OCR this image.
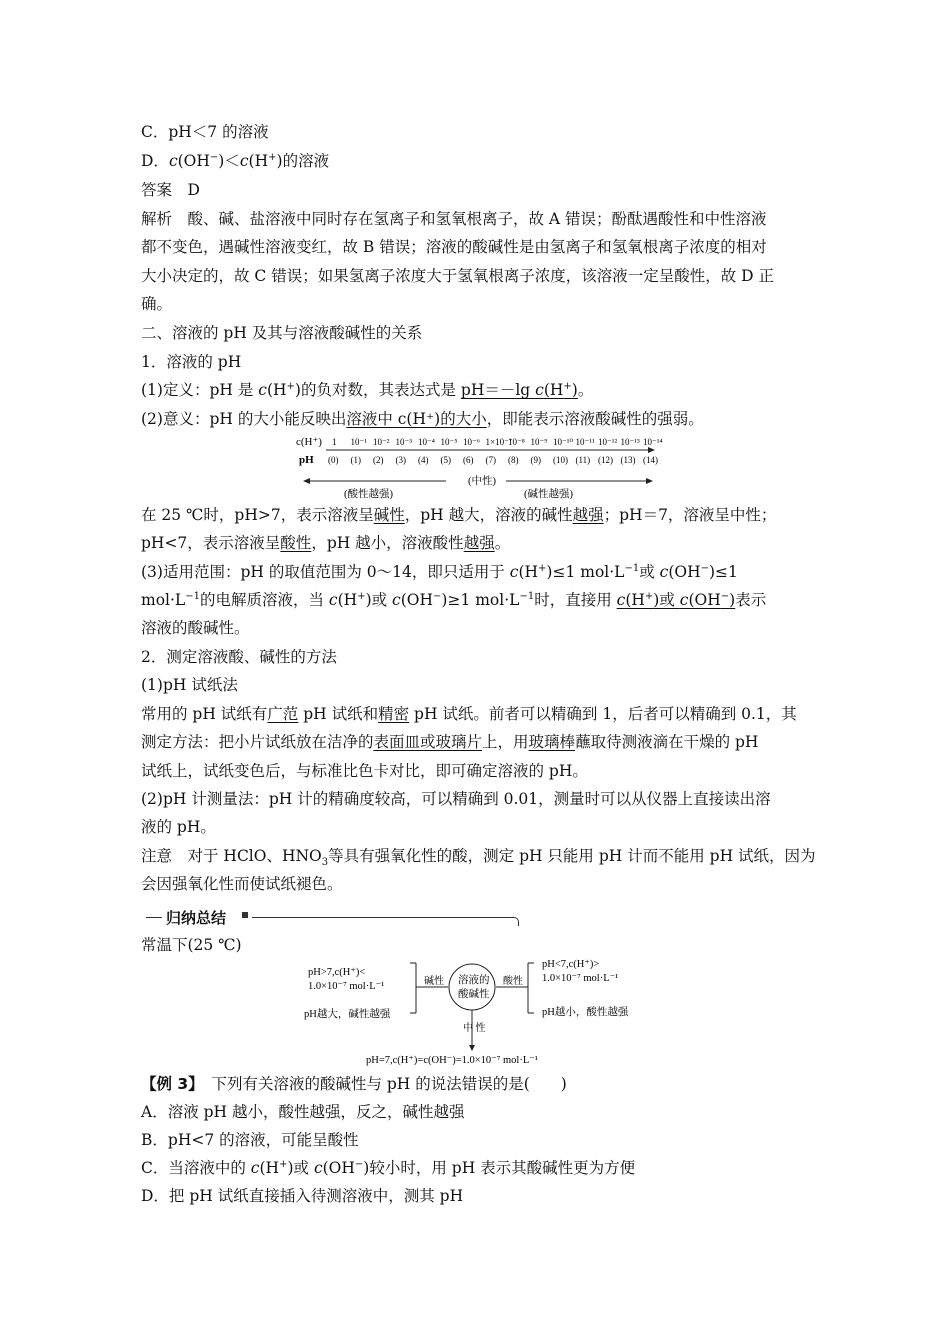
C．pH＜7 的溶液
D．c(OH−)＜c(H+)的溶液
答案　D
解析　酸、碱、盐溶液中同时存在氢离子和氢氧根离子，故 A 错误；酚酞遇酸性和中性溶液
都不变色，遇碱性溶液变红，故 B 错误；溶液的酸碱性是由氢离子和氢氧根离子浓度的相对
大小决定的，故 C 错误；如果氢离子浓度大于氢氧根离子浓度，该溶液一定呈酸性，故 D 正
确。
二、溶液的 pH 及其与溶液酸碱性的关系
1．溶液的 pH
(1)定义：pH 是 c(H+)的负对数，其表达式是 pH＝－lg c(H+)。
(2)意义：pH 的大小能反映出溶液中 c(H⁺)的大小，即能表示溶液酸碱性的强弱。
c(H⁺)
pH
1 10⁻¹ 10⁻² 10⁻³ 10⁻⁴ 10⁻⁵ 10⁻⁶ 1×10⁻⁷
10⁻⁸ 10⁻⁹ 10⁻¹⁰ 10⁻¹¹ 10⁻¹² 10⁻¹³ 10⁻¹⁴
(0) (1) (2) (3) (4) (5) (6) (7) (8) (9) (10) (11) (12) (13) (14)
(中性)
(酸性越强)	(碱性越强)
在 25 ℃时，pH>7，表示溶液呈碱性，pH 越大，溶液的碱性越强；pH＝7，溶液呈中性；
pH<7，表示溶液呈酸性，pH 越小，溶液酸性越强。
(3)适用范围：pH 的取值范围为 0～14，即只适用于 c(H+)≤1 $mol\cdot L^{-1}$或 c(OH−)≤1
$mol\cdot L^{-1}$的电解质溶液，当 c(H+)或 c(OH−)≥1 $mol\cdot L^{-1}$时，直接用 c(H+)或 c(OH−)表示
溶液的酸碱性。
2．测定溶液酸、碱性的方法
(1)pH 试纸法
常用的 pH 试纸有广范 pH 试纸和精密 pH 试纸。前者可以精确到 1，后者可以精确到 0.1，其
测定方法：把小片试纸放在洁净的表面皿或玻璃片上，用玻璃棒蘸取待测液滴在干燥的 pH
试纸上，试纸变色后，与标准比色卡对比，即可确定溶液的 pH。
(2)pH 计测量法：pH 计的精确度较高，可以精确到 0.01，测量时可以从仪器上直接读出溶
液的 pH。
注意　对于 HClO、$HNO_3$等具有强氧化性的酸，测定 pH 只能用 pH 计而不能用 pH 试纸，因为
会因强氧化性而使试纸褪色。
归纳总结
常温下(25 ℃)
pH>7,c(H⁺)<
1.0×10⁻⁷ mol·L⁻¹
pH越大，碱性越强
碱性 溶液的
酸碱性
酸性
pH<7,c(H⁺)>
1.0×10⁻⁷ mol·L⁻¹
pH越小，酸性越强
中 性
pH=7,c(H⁺)=c(OH⁻)=1.0×10⁻⁷ mol·L⁻¹
【例 3】　下列有关溶液的酸碱性与 pH 的说法错误的是(　　)
A．溶液 pH 越小，酸性越强，反之，碱性越强
B．pH<7 的溶液，可能呈酸性
C．当溶液中的 c(H+)或 c(OH−)较小时，用 pH 表示其酸碱性更为方便
D．把 pH 试纸直接插入待测溶液中，测其 pH
